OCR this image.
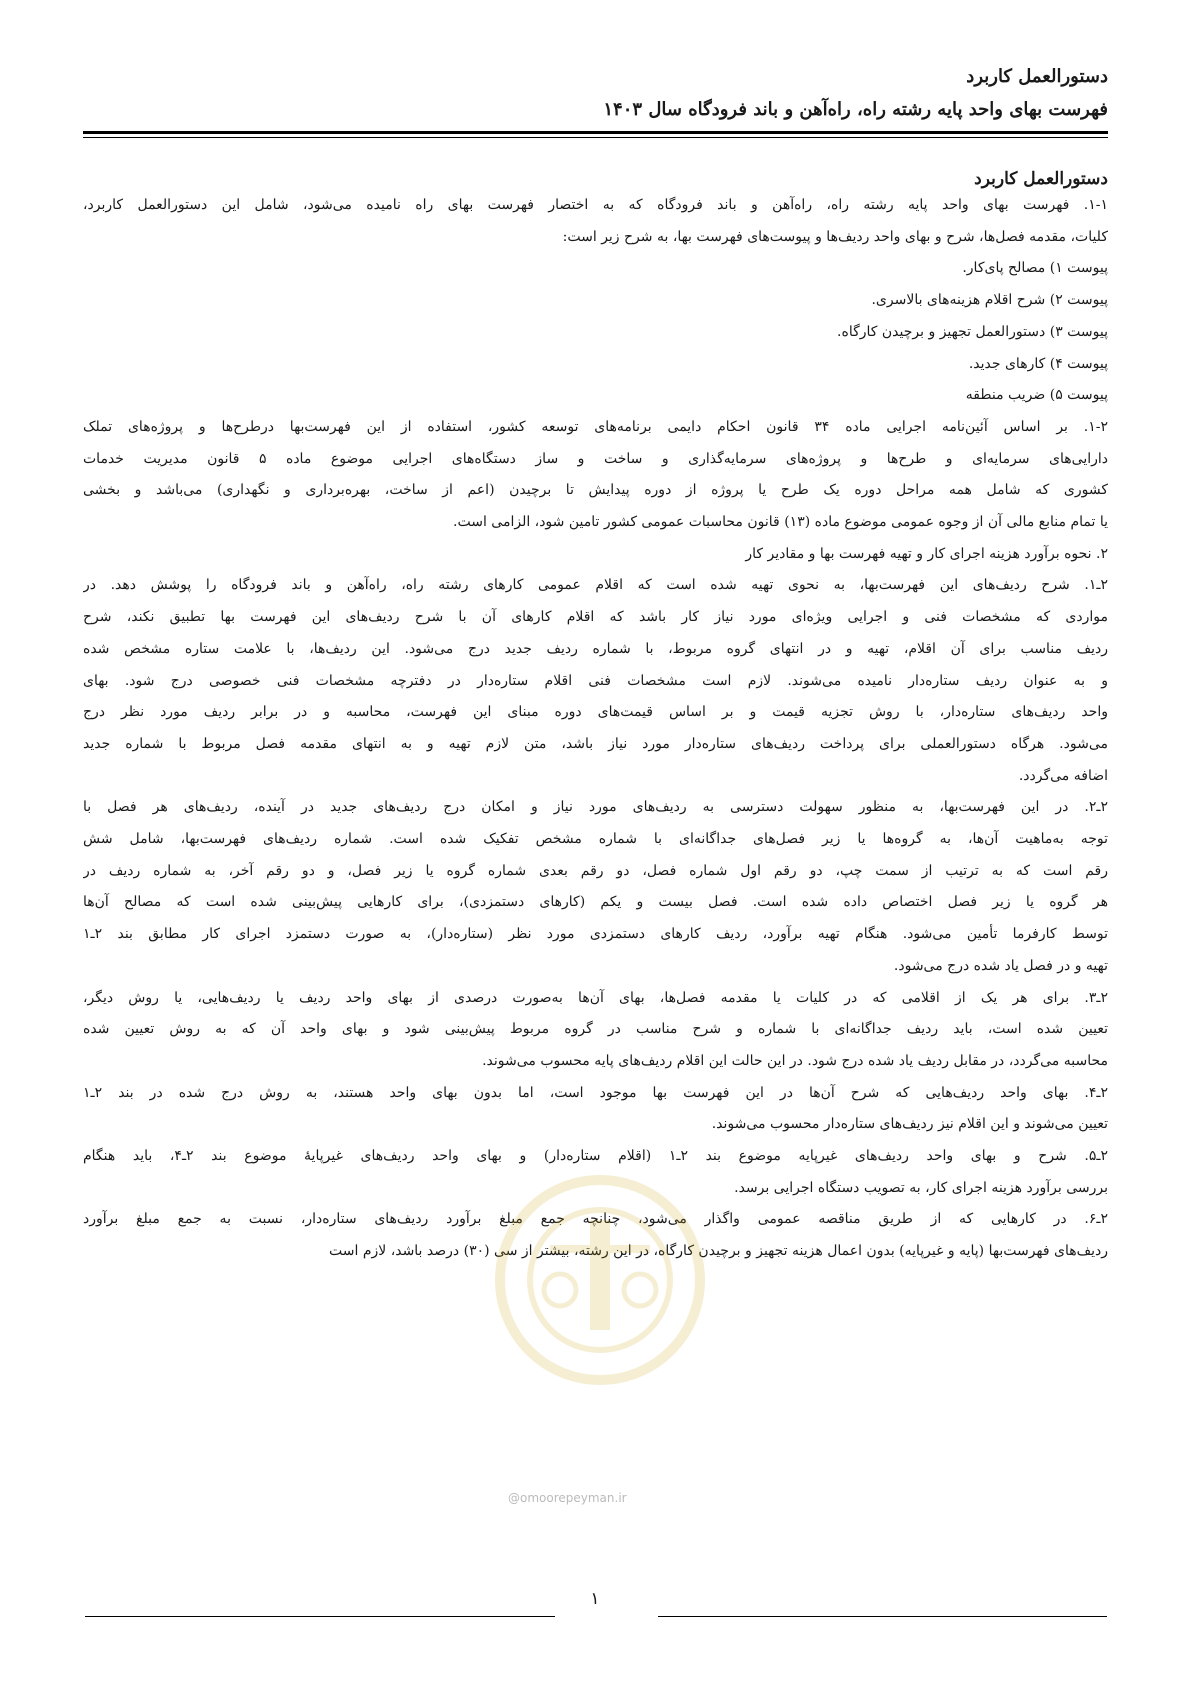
دستورالعمل کاربرد
فهرست بهای واحد پایه رشته راه، راه‌آهن و باند فرودگاه سال ۱۴۰۳
دستورالعمل کاربرد
۱-۱. فهرست بهای واحد پایه رشته راه، راه‌آهن و باند فرودگاه که به اختصار فهرست بهای راه نامیده می‌شود، شامل این دستورالعمل کاربرد،
کلیات، مقدمه فصل‌ها، شرح و بهای واحد ردیف‌ها و پیوست‌های فهرست بها، به شرح زیر است:
پیوست ۱) مصالح پای‌کار.
پیوست ۲) شرح اقلام هزینه‌های بالاسری.
پیوست ۳) دستورالعمل تجهیز و برچیدن کارگاه.
پیوست ۴) کارهای جدید.
پیوست ۵) ضریب منطقه
۱-۲. بر اساس آئین‌نامه اجرایی ماده ۳۴ قانون احکام دایمی برنامه‌های توسعه کشور، استفاده از این فهرست‌بها درطرح‌ها و پروژه‌های تملک
دارایی‌های سرمایه‌ای و طرح‌ها و پروژه‌های سرمایه‌گذاری و ساخت و ساز دستگاه‌های اجرایی موضوع ماده ۵ قانون مدیریت خدمات
کشوری که شامل همه مراحل دوره یک طرح یا پروژه از دوره پیدایش تا برچیدن (اعم از ساخت، بهره‌برداری و نگهداری) می‌باشد و بخشی
یا تمام منابع مالی آن از وجوه عمومی موضوع ماده (۱۳) قانون محاسبات عمومی کشور تامین شود، الزامی است.
۲. نحوه برآورد هزینه اجرای کار و تهیه فهرست بها و مقادیر کار
۲ـ۱. شرح ردیف‌های این فهرست‌بها، به نحوی تهیه شده است که اقلام عمومی کارهای رشته راه، راه‌آهن و باند فرودگاه را پوشش دهد. در
مواردی که مشخصات فنی و اجرایی ویژه‌ای مورد نیاز کار باشد که اقلام کارهای آن با شرح ردیف‌های این فهرست بها تطبیق نکند، شرح
ردیف مناسب برای آن اقلام، تهیه و در انتهای گروه مربوط، با شماره ردیف جدید درج می‌شود. این ردیف‌ها، با علامت ستاره مشخص شده
و به عنوان ردیف ستاره‌دار نامیده می‌شوند. لازم است مشخصات فنی اقلام ستاره‌دار در دفترچه مشخصات فنی خصوصی درج شود. بهای
واحد ردیف‌های ستاره‌دار، با روش تجزیه قیمت و بر اساس قیمت‌های دوره مبنای این فهرست، محاسبه و در برابر ردیف مورد نظر درج
می‌شود. هرگاه دستورالعملی برای پرداخت ردیف‌های ستاره‌دار مورد نیاز باشد، متن لازم تهیه و به انتهای مقدمه فصل مربوط با شماره جدید
اضافه می‌گردد.
۲ـ۲. در این فهرست‌بها، به منظور سهولت دسترسی به ردیف‌های مورد نیاز و امکان درج ردیف‌های جدید در آینده، ردیف‌های هر فصل با
توجه به‌ماهیت آن‌ها، به گروه‌ها یا زیر فصل‌های جداگانه‌ای با شماره مشخص تفکیک شده است. شماره ردیف‌های فهرست‌بها، شامل شش
رقم است که به ترتیب از سمت چپ، دو رقم اول شماره فصل، دو رقم بعدی شماره گروه یا زیر فصل، و دو رقم آخر، به شماره ردیف در
هر گروه یا زیر فصل اختصاص داده شده است. فصل بیست و یکم (کارهای دستمزدی)، برای کارهایی پیش‌بینی شده است که مصالح آن‌ها
توسط کارفرما تأمین می‌شود. هنگام تهیه برآورد، ردیف کارهای دستمزدی مورد نظر (ستاره‌دار)، به صورت دستمزد اجرای کار مطابق بند ۲ـ۱
تهیه و در فصل یاد شده درج می‌شود.
۲ـ۳. برای هر یک از اقلامی که در کلیات یا مقدمه فصل‌ها، بهای آن‌ها به‌صورت درصدی از بهای واحد ردیف یا ردیف‌هایی، یا روش دیگر،
تعیین شده است، باید ردیف جداگانه‌ای با شماره و شرح مناسب در گروه مربوط پیش‌بینی شود و بهای واحد آن که به روش تعیین شده
محاسبه می‌گردد، در مقابل ردیف یاد شده درج شود. در این حالت این اقلام ردیف‌های پایه محسوب می‌شوند.
۲ـ۴. بهای واحد ردیف‌هایی که شرح آن‌ها در این فهرست بها موجود است، اما بدون بهای واحد هستند، به روش درج شده در بند ۲ـ۱
تعیین می‌شوند و این اقلام نیز ردیف‌های ستاره‌دار محسوب می‌شوند.
۲ـ۵. شرح و بهای واحد ردیف‌های غیرپایه موضوع بند ۲ـ۱ (اقلام ستاره‌دار) و بهای واحد ردیف‌های غیرپایهٔ موضوع بند ۲ـ۴، باید هنگام
بررسی برآورد هزینه اجرای کار، به تصویب دستگاه اجرایی برسد.
۲ـ۶. در کارهایی که از طریق مناقصه عمومی واگذار می‌شود، چنانچه جمع مبلغ برآورد ردیف‌های ستاره‌دار، نسبت به جمع مبلغ برآورد
ردیف‌های فهرست‌بها (پایه و غیرپایه) بدون اعمال هزینه تجهیز و برچیدن کارگاه، در این رشته، بیشتر از سی (۳۰) درصد باشد، لازم است
@omoorepeyman.ir
۱
